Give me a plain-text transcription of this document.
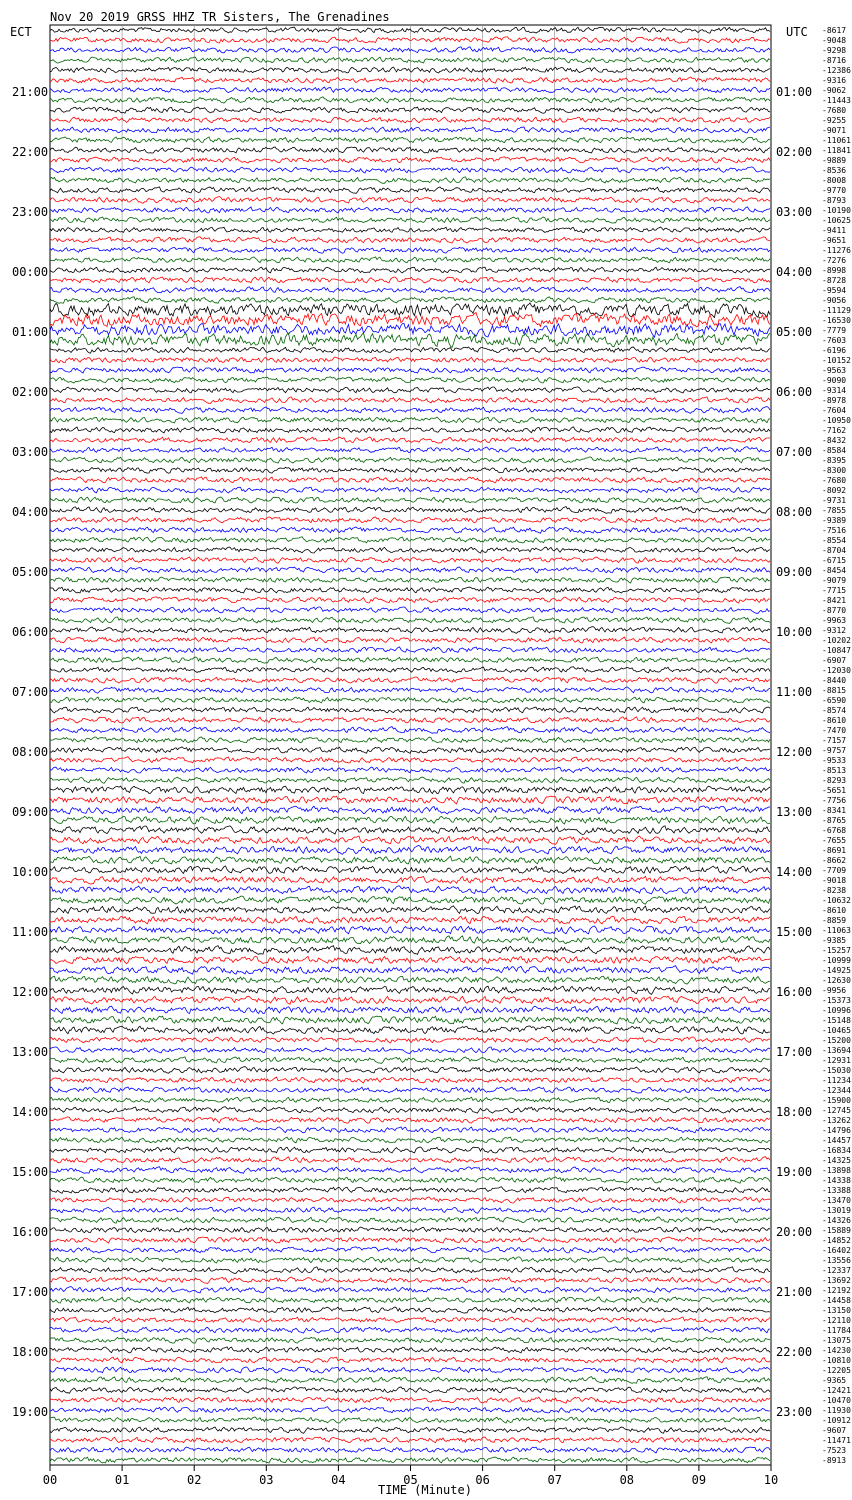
Nov 20 2019 GRSS HHZ TR Sisters, The Grenadines
ECT	UTC
21:00
22:00
23:00
00:00
01:00
02:00
03:00
04:00
05:00
06:00
07:00
08:00
09:00
10:00
11:00
12:00
13:00
14:00
15:00
16:00
17:00
18:00
19:00
01:00
02:00
03:00
04:00
05:00
06:00
07:00
08:00
09:00
10:00
11:00
12:00
13:00
14:00
15:00
16:00
17:00
18:00
19:00
20:00
21:00
22:00
23:00
-8617
-9048
-9298
-8716
-12386
-9316
-9062
-11443
-7680
-9255
-9071
-11061
-11841
-9889
-8536
-8008
-9770
-8793
-10190
-10625
-9411
-9651
-11276
-7276
-8998
-8728
-9594
-9056
-11129
-16530
-7779
-7603
-6196
-10152
-9563
-9090
-9314
-8978
-7604
-10950
-7162
-8432
-8584
-8395
-8300
-7680
-8092
-9731
-7855
-9389
-7516
-8554
-8704
-6715
-8454
-9079
-7715
-8421
-8770
-9963
-9312
-10202
-10847
-6907
-12030
-8440
-8815
-6590
-8574
-8610
-7470
-7157
-9757
-9533
-8513
-8293
-5651
-7756
-8341
-8765
-6768
-7655
-8691
-8662
-7709
-9018
-8238
-10632
-8610
-8859
-11063
-9385
-15257
-10999
-14925
-12630
-9956
-15373
-10996
-15148
-10465
-15200
-13694
-12931
-15030
-11234
-12344
-15900
-12745
-13262
-14796
-14457
-16834
-14325
-13898
-14338
-13388
-13470
-13019
-14326
-15889
-14852
-16402
-13556
-12337
-13692
-12192
-14458
-13150
-12110
-11784
-13075
-14230
-10810
-12205
-9365
-12421
-10470
-11930
-10912
-9607
-11471
-7523
-8913
00	01	02	03	04	05	06	07	08	09	10
TIME (Minute)
